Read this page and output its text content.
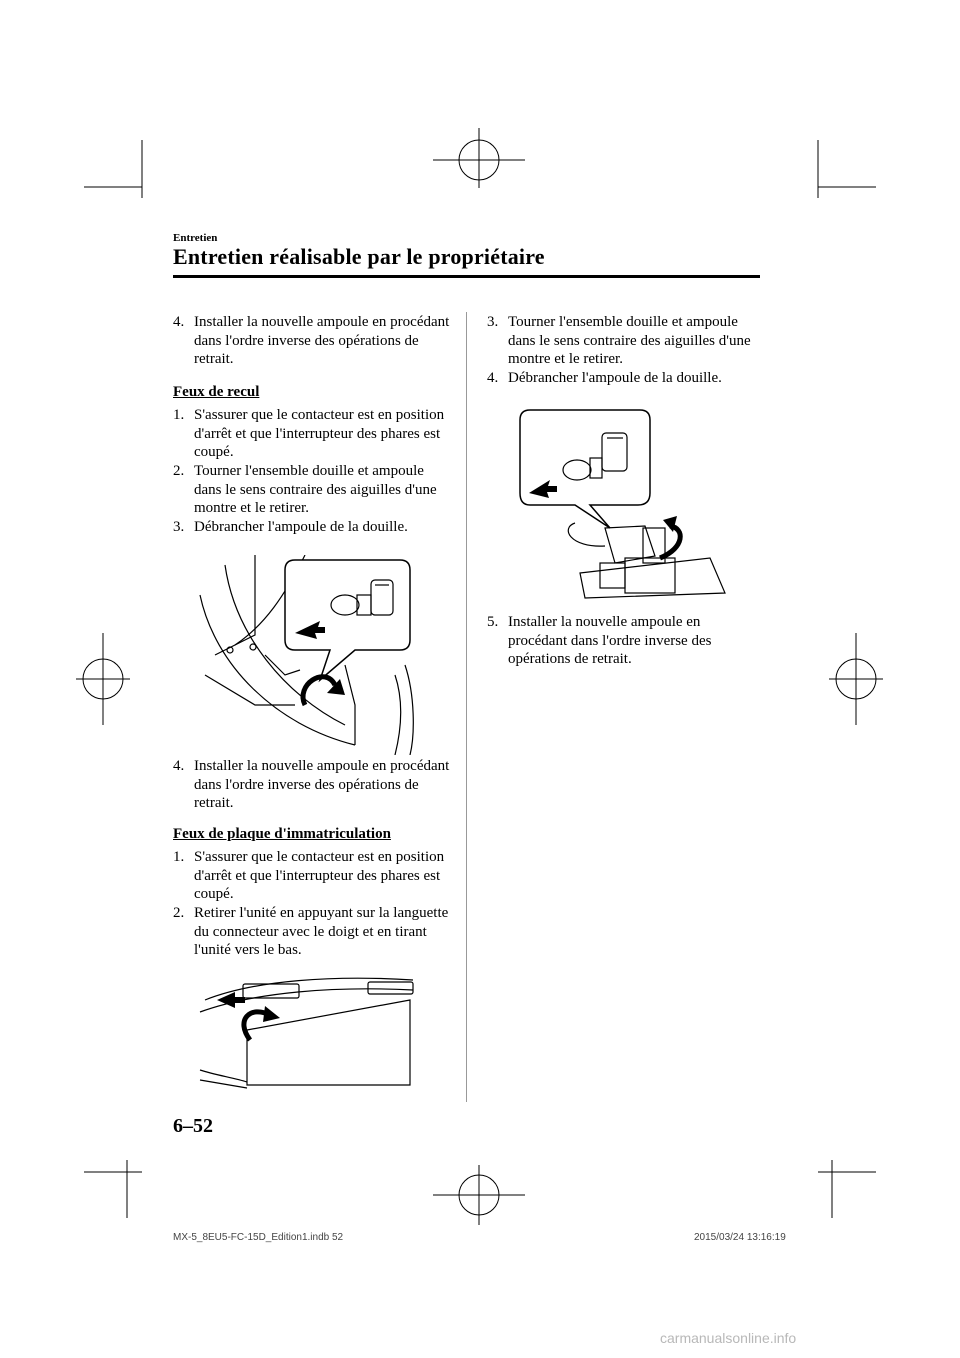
Entretien
Entretien réalisable par le propriétaire
4. Installer la nouvelle ampoule en procédant dans l'ordre inverse des opérations de retrait.
Feux de recul
1. S'assurer que le contacteur est en position d'arrêt et que l'interrupteur des phares est coupé.
2. Tourner l'ensemble douille et ampoule dans le sens contraire des aiguilles d'une montre et le retirer.
3. Débrancher l'ampoule de la douille.
4. Installer la nouvelle ampoule en procédant dans l'ordre inverse des opérations de retrait.
Feux de plaque d'immatriculation
1. S'assurer que le contacteur est en position d'arrêt et que l'interrupteur des phares est coupé.
2. Retirer l'unité en appuyant sur la languette du connecteur avec le doigt et en tirant l'unité vers le bas.
3. Tourner l'ensemble douille et ampoule dans le sens contraire des aiguilles d'une montre et le retirer.
4. Débrancher l'ampoule de la douille.
5. Installer la nouvelle ampoule en procédant dans l'ordre inverse des opérations de retrait.
6–52
MX-5_8EU5-FC-15D_Edition1.indb 52	2015/03/24 13:16:19
carmanualsonline.info
